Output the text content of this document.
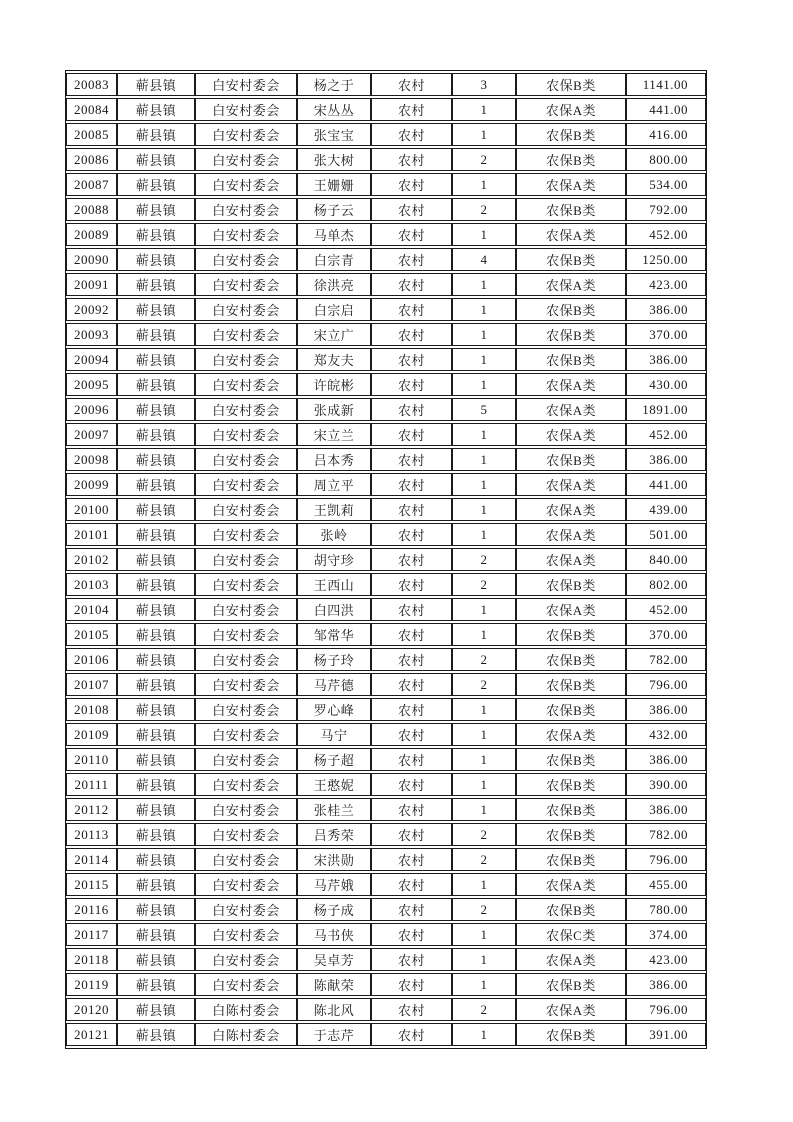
20083	蕲县镇	白安村委会	杨之于	农村	3	农保B类	1141.00
20084	蕲县镇	白安村委会	宋丛丛	农村	1	农保A类	441.00
20085	蕲县镇	白安村委会	张宝宝	农村	1	农保B类	416.00
20086	蕲县镇	白安村委会	张大树	农村	2	农保B类	800.00
20087	蕲县镇	白安村委会	王姗姗	农村	1	农保A类	534.00
20088	蕲县镇	白安村委会	杨子云	农村	2	农保B类	792.00
20089	蕲县镇	白安村委会	马单杰	农村	1	农保A类	452.00
20090	蕲县镇	白安村委会	白宗青	农村	4	农保B类	1250.00
20091	蕲县镇	白安村委会	徐洪亮	农村	1	农保A类	423.00
20092	蕲县镇	白安村委会	白宗启	农村	1	农保B类	386.00
20093	蕲县镇	白安村委会	宋立广	农村	1	农保B类	370.00
20094	蕲县镇	白安村委会	郑友夫	农村	1	农保B类	386.00
20095	蕲县镇	白安村委会	许皖彬	农村	1	农保A类	430.00
20096	蕲县镇	白安村委会	张成新	农村	5	农保A类	1891.00
20097	蕲县镇	白安村委会	宋立兰	农村	1	农保A类	452.00
20098	蕲县镇	白安村委会	吕本秀	农村	1	农保B类	386.00
20099	蕲县镇	白安村委会	周立平	农村	1	农保A类	441.00
20100	蕲县镇	白安村委会	王凯莉	农村	1	农保A类	439.00
20101	蕲县镇	白安村委会	张岭	农村	1	农保A类	501.00
20102	蕲县镇	白安村委会	胡守珍	农村	2	农保A类	840.00
20103	蕲县镇	白安村委会	王西山	农村	2	农保B类	802.00
20104	蕲县镇	白安村委会	白四洪	农村	1	农保A类	452.00
20105	蕲县镇	白安村委会	邹常华	农村	1	农保B类	370.00
20106	蕲县镇	白安村委会	杨子玲	农村	2	农保B类	782.00
20107	蕲县镇	白安村委会	马芹德	农村	2	农保B类	796.00
20108	蕲县镇	白安村委会	罗心峰	农村	1	农保B类	386.00
20109	蕲县镇	白安村委会	马宁	农村	1	农保A类	432.00
20110	蕲县镇	白安村委会	杨子超	农村	1	农保B类	386.00
20111	蕲县镇	白安村委会	王憨妮	农村	1	农保B类	390.00
20112	蕲县镇	白安村委会	张桂兰	农村	1	农保B类	386.00
20113	蕲县镇	白安村委会	吕秀荣	农村	2	农保B类	782.00
20114	蕲县镇	白安村委会	宋洪勋	农村	2	农保B类	796.00
20115	蕲县镇	白安村委会	马芹娥	农村	1	农保A类	455.00
20116	蕲县镇	白安村委会	杨子成	农村	2	农保B类	780.00
20117	蕲县镇	白安村委会	马书侠	农村	1	农保C类	374.00
20118	蕲县镇	白安村委会	吴卓芳	农村	1	农保A类	423.00
20119	蕲县镇	白安村委会	陈献荣	农村	1	农保B类	386.00
20120	蕲县镇	白陈村委会	陈北风	农村	2	农保A类	796.00
20121	蕲县镇	白陈村委会	于志芹	农村	1	农保B类	391.00
